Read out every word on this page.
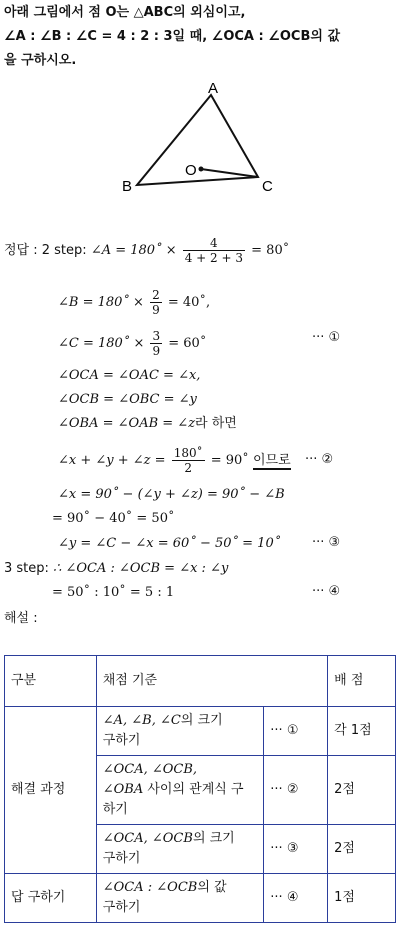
아래 그림에서 점 O는 △ABC의 외심이고,
∠A : ∠B : ∠C = 4 : 2 : 3일 때, ∠OCA : ∠OCB의 값
을 구하시오.
A
B	C
O
정답 : 2 step: ∠A = 180˚ × $\frac{4}{4 + 2 + 3}$ = 80˚
∠B = 180˚ × $\frac{2}{9}$ = 40˚,
∠C = 180˚ × $\frac{3}{9}$ = 60˚	··· ①
∠OCA = ∠OAC = ∠x,
∠OCB = ∠OBC = ∠y
∠OBA = ∠OAB = ∠z라 하면
∠x + ∠y + ∠z = $\frac{180˚}{2}$ = 90˚ 이므로 ··· ②
∠x = 90˚ − (∠y + ∠z) = 90˚ − ∠B
= 90˚ − 40˚ = 50˚
∠y = ∠C − ∠x = 60˚ − 50˚ = 10˚ ··· ③
3 step: ∴ ∠OCA : ∠OCB = ∠x : ∠y
= 50˚ : 10˚ = 5 : 1	··· ④
해설 :
구분	채점 기준		배 점
해결 과정	∠A, ∠B, ∠C의 크기
구하기	··· ①	각 1점
	∠OCA, ∠OCB,
∠OBA 사이의 관계식 구
하기	··· ②	2점
	∠OCA, ∠OCB의 크기
구하기	··· ③	2점
답 구하기	∠OCA : ∠OCB의 값
구하기	··· ④	1점
